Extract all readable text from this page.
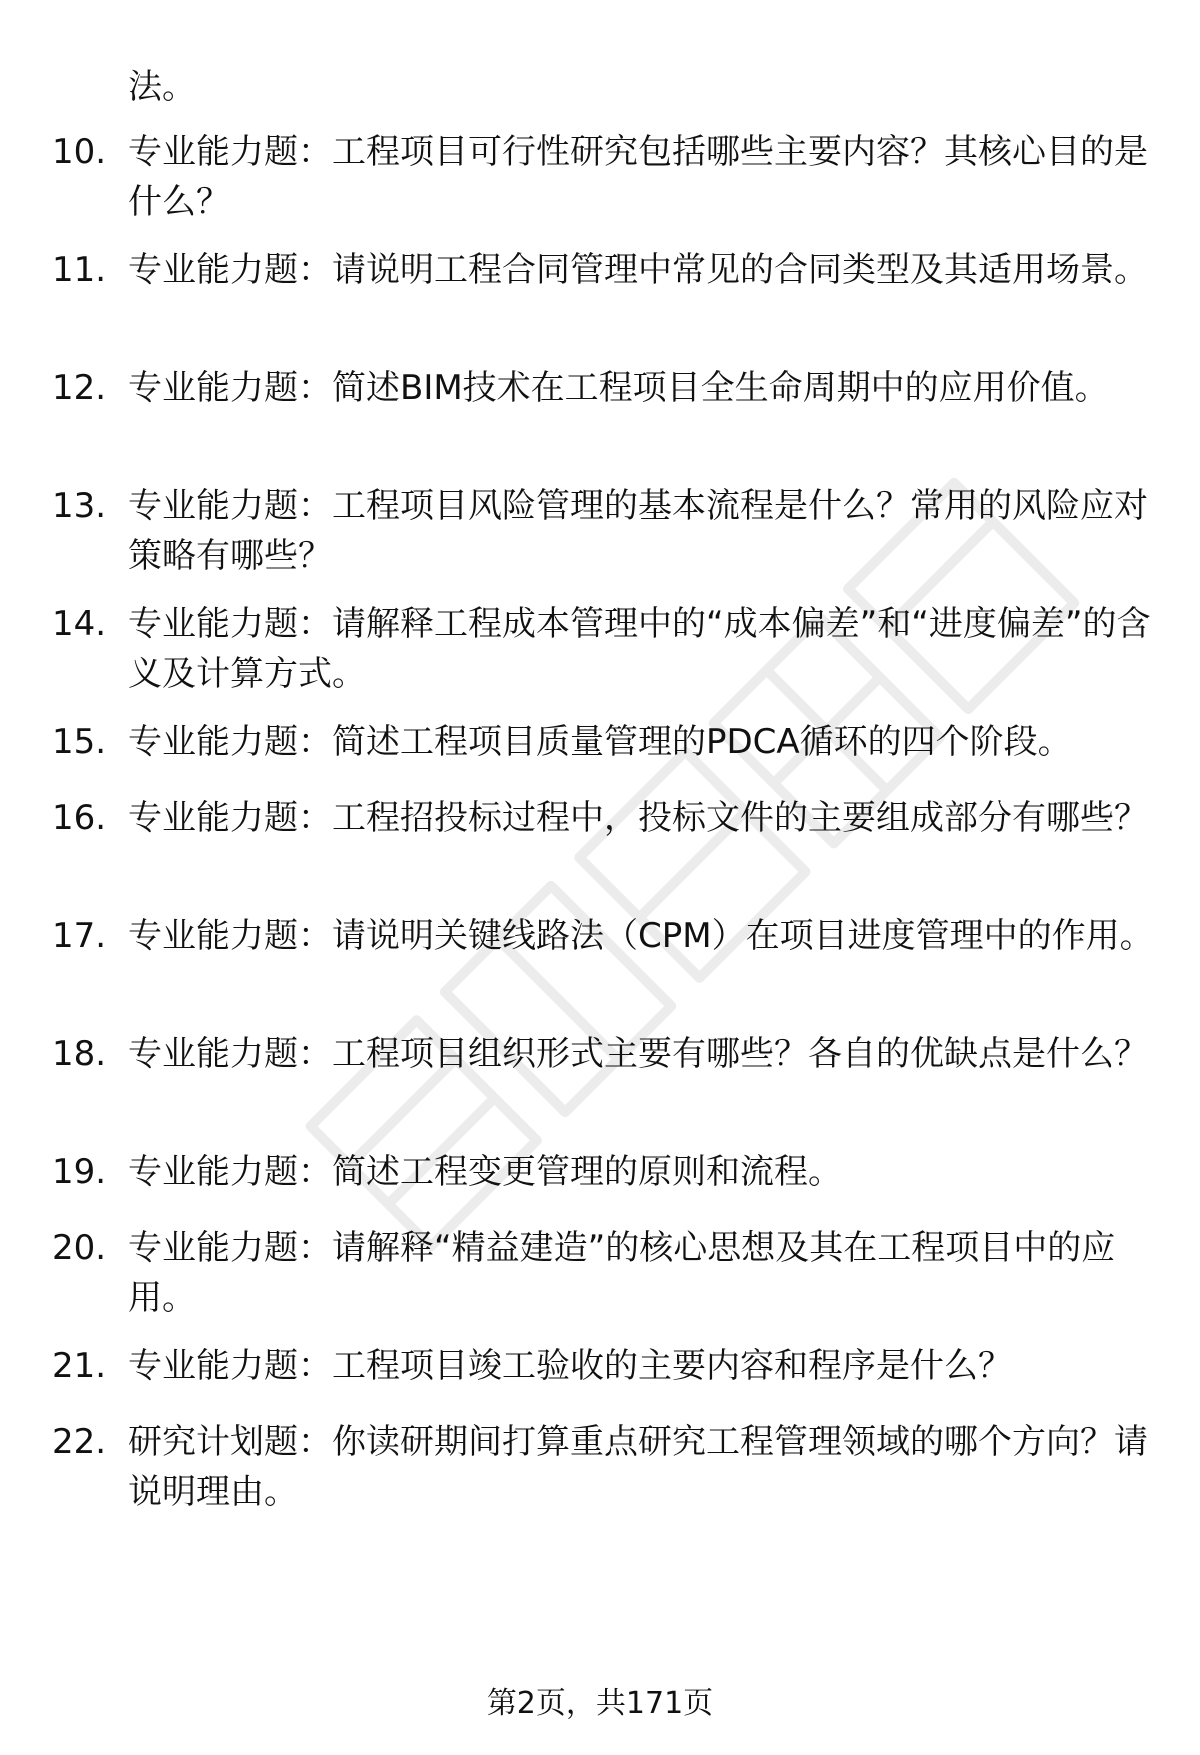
法。
10. 专业能力题：工程项目可行性研究包括哪些主要内容？其核心目的是什么？
11. 专业能力题：请说明工程合同管理中常见的合同类型及其适用场景。
12. 专业能力题：简述BIM技术在工程项目全生命周期中的应用价值。
13. 专业能力题：工程项目风险管理的基本流程是什么？常用的风险应对策略有哪些？
14. 专业能力题：请解释工程成本管理中的“成本偏差”和“进度偏差”的含义及计算方式。
15. 专业能力题：简述工程项目质量管理的PDCA循环的四个阶段。
16. 专业能力题：工程招投标过程中，投标文件的主要组成部分有哪些？
17. 专业能力题：请说明关键线路法（CPM）在项目进度管理中的作用。
18. 专业能力题：工程项目组织形式主要有哪些？各自的优缺点是什么？
19. 专业能力题：简述工程变更管理的原则和流程。
20. 专业能力题：请解释“精益建造”的核心思想及其在工程项目中的应用。
21. 专业能力题：工程项目竣工验收的主要内容和程序是什么？
22. 研究计划题：你读研期间打算重点研究工程管理领域的哪个方向？请说明理由。
第2页，共171页
